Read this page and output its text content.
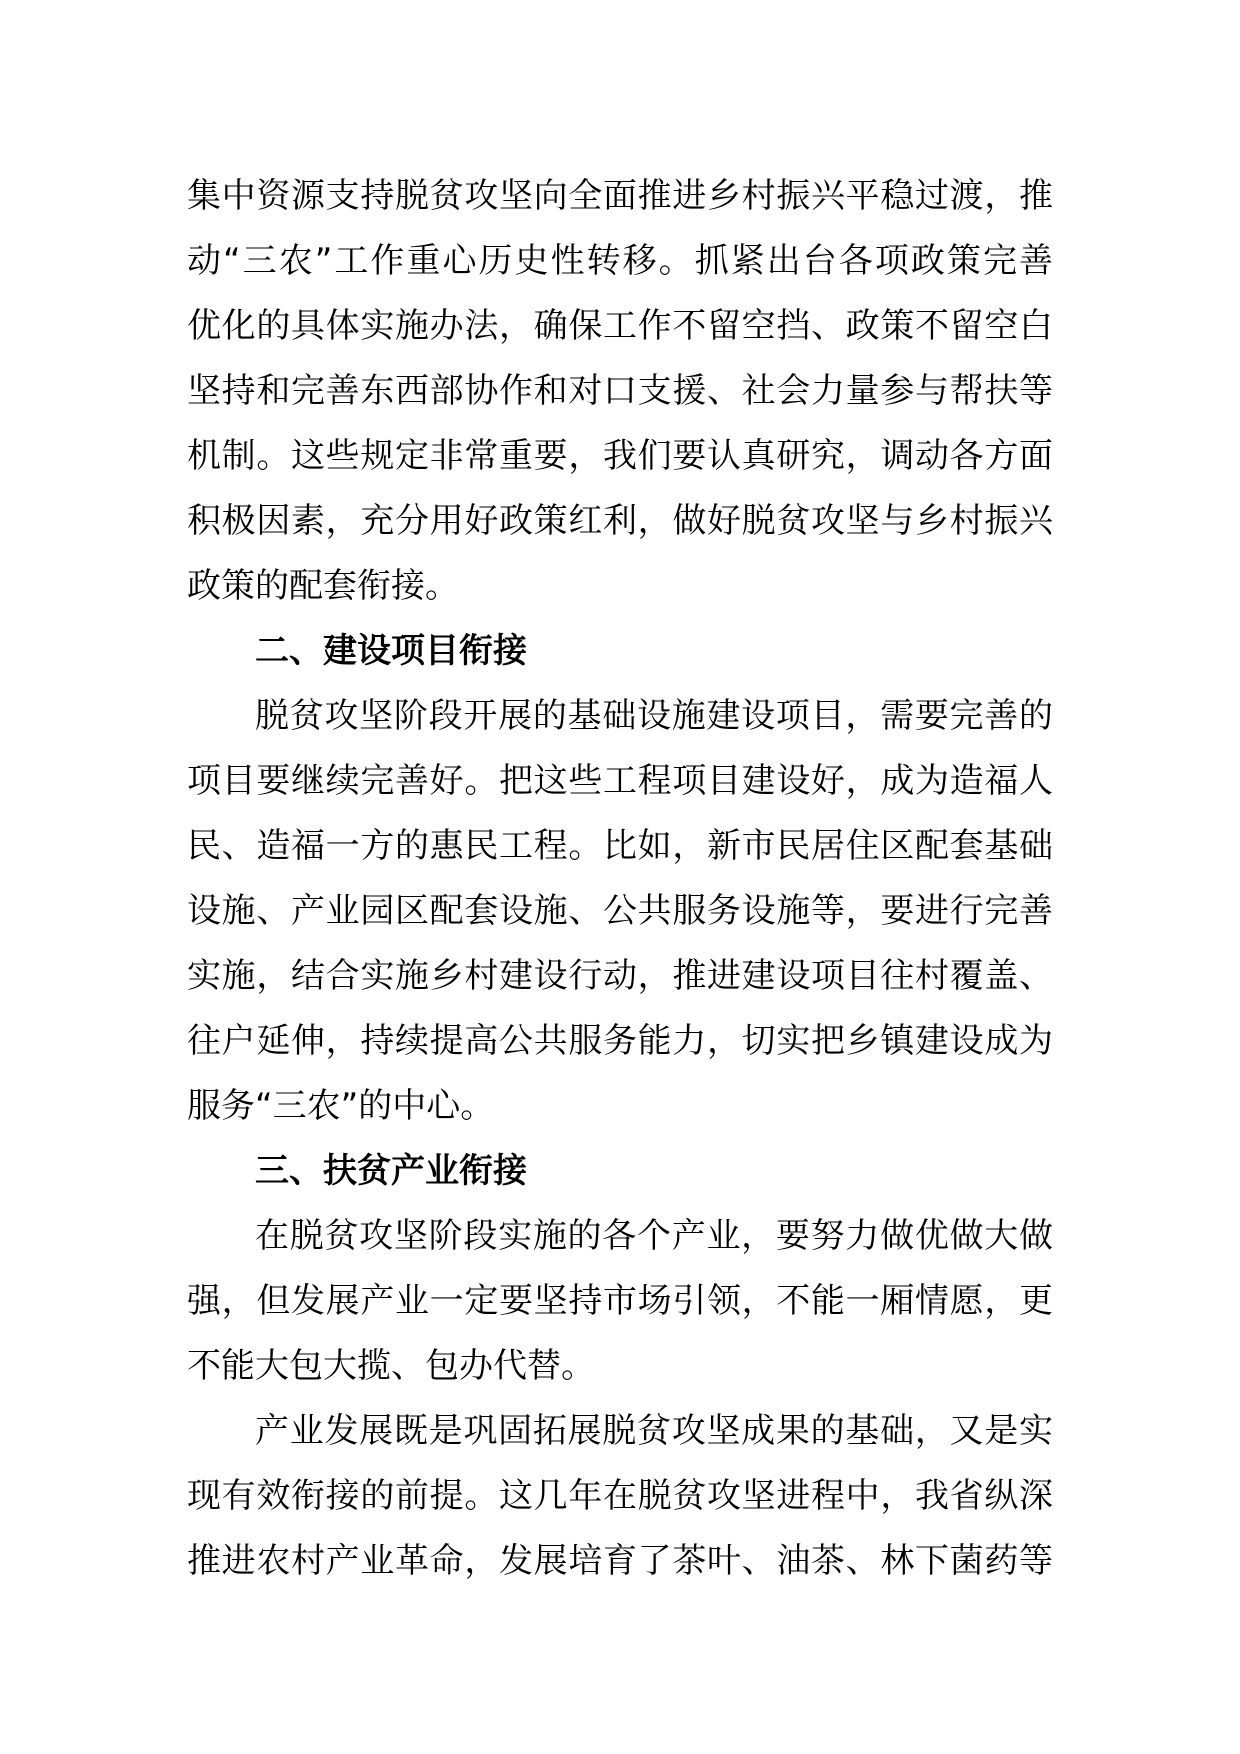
集中资源支持脱贫攻坚向全面推进乡村振兴平稳过渡，推
动“三农”工作重心历史性转移。抓紧出台各项政策完善
优化的具体实施办法，确保工作不留空挡、政策不留空白
坚持和完善东西部协作和对口支援、社会力量参与帮扶等
机制。这些规定非常重要，我们要认真研究，调动各方面
积极因素，充分用好政策红利，做好脱贫攻坚与乡村振兴
政策的配套衔接。
二、建设项目衔接
脱贫攻坚阶段开展的基础设施建设项目，需要完善的
项目要继续完善好。把这些工程项目建设好，成为造福人
民、造福一方的惠民工程。比如，新市民居住区配套基础
设施、产业园区配套设施、公共服务设施等，要进行完善
实施，结合实施乡村建设行动，推进建设项目往村覆盖、
往户延伸，持续提高公共服务能力，切实把乡镇建设成为
服务“三农”的中心。
三、扶贫产业衔接
在脱贫攻坚阶段实施的各个产业，要努力做优做大做
强，但发展产业一定要坚持市场引领，不能一厢情愿，更
不能大包大揽、包办代替。
产业发展既是巩固拓展脱贫攻坚成果的基础，又是实
现有效衔接的前提。这几年在脱贫攻坚进程中，我省纵深
推进农村产业革命，发展培育了茶叶、油茶、林下菌药等
